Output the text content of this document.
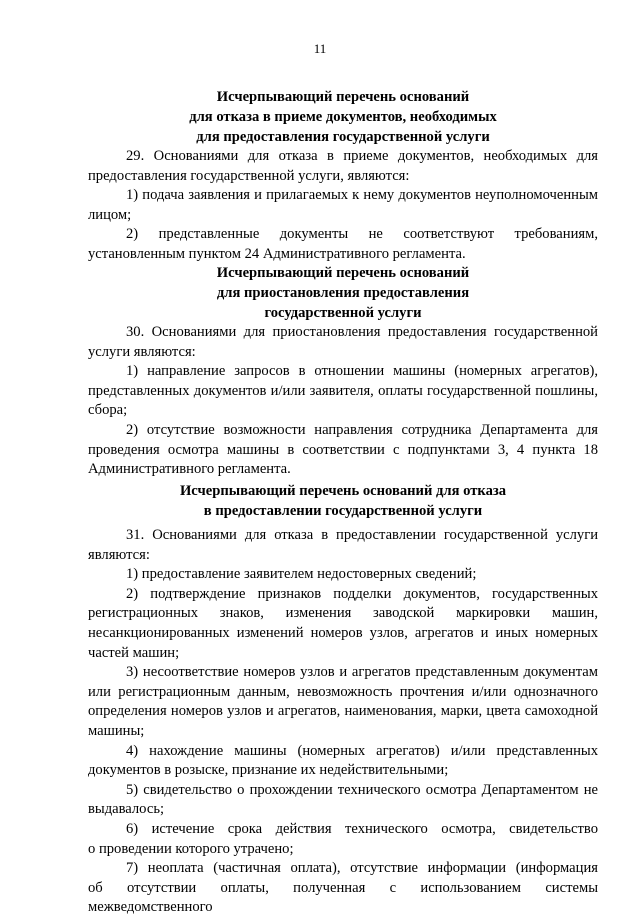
11
Исчерпывающий перечень оснований
для отказа в приеме документов, необходимых
для предоставления государственной услуги
29. Основаниями для отказа в приеме документов, необходимых для
предоставления государственной услуги, являются:
1) подача заявления и прилагаемых к нему документов неуполномоченным
лицом;
2) представленные документы не соответствуют требованиям,
установленным пунктом 24 Административного регламента.
Исчерпывающий перечень оснований
для приостановления предоставления
государственной услуги
30. Основаниями для приостановления предоставления государственной
услуги являются:
1) направление запросов в отношении машины (номерных агрегатов),
представленных документов и/или заявителя, оплаты государственной пошлины,
сбора;
2) отсутствие возможности направления сотрудника Департамента для
проведения осмотра машины в соответствии с подпунктами 3, 4 пункта 18
Административного регламента.
Исчерпывающий перечень оснований для отказа
в предоставлении государственной услуги
31. Основаниями для отказа в предоставлении государственной услуги
являются:
1) предоставление заявителем недостоверных сведений;
2) подтверждение признаков подделки документов, государственных
регистрационных знаков, изменения заводской маркировки машин,
несанкционированных изменений номеров узлов, агрегатов и иных номерных
частей машин;
3) несоответствие номеров узлов и агрегатов представленным документам
или регистрационным данным, невозможность прочтения и/или однозначного
определения номеров узлов и агрегатов, наименования, марки, цвета самоходной
машины;
4) нахождение машины (номерных агрегатов) и/или представленных
документов в розыске, признание их недействительными;
5) свидетельство о прохождении технического осмотра Департаментом не
выдавалось;
6) истечение срока действия технического осмотра, свидетельство
о проведении которого утрачено;
7) неоплата (частичная оплата), отсутствие информации (информация
об отсутствии оплаты, полученная с использованием системы межведомственного
